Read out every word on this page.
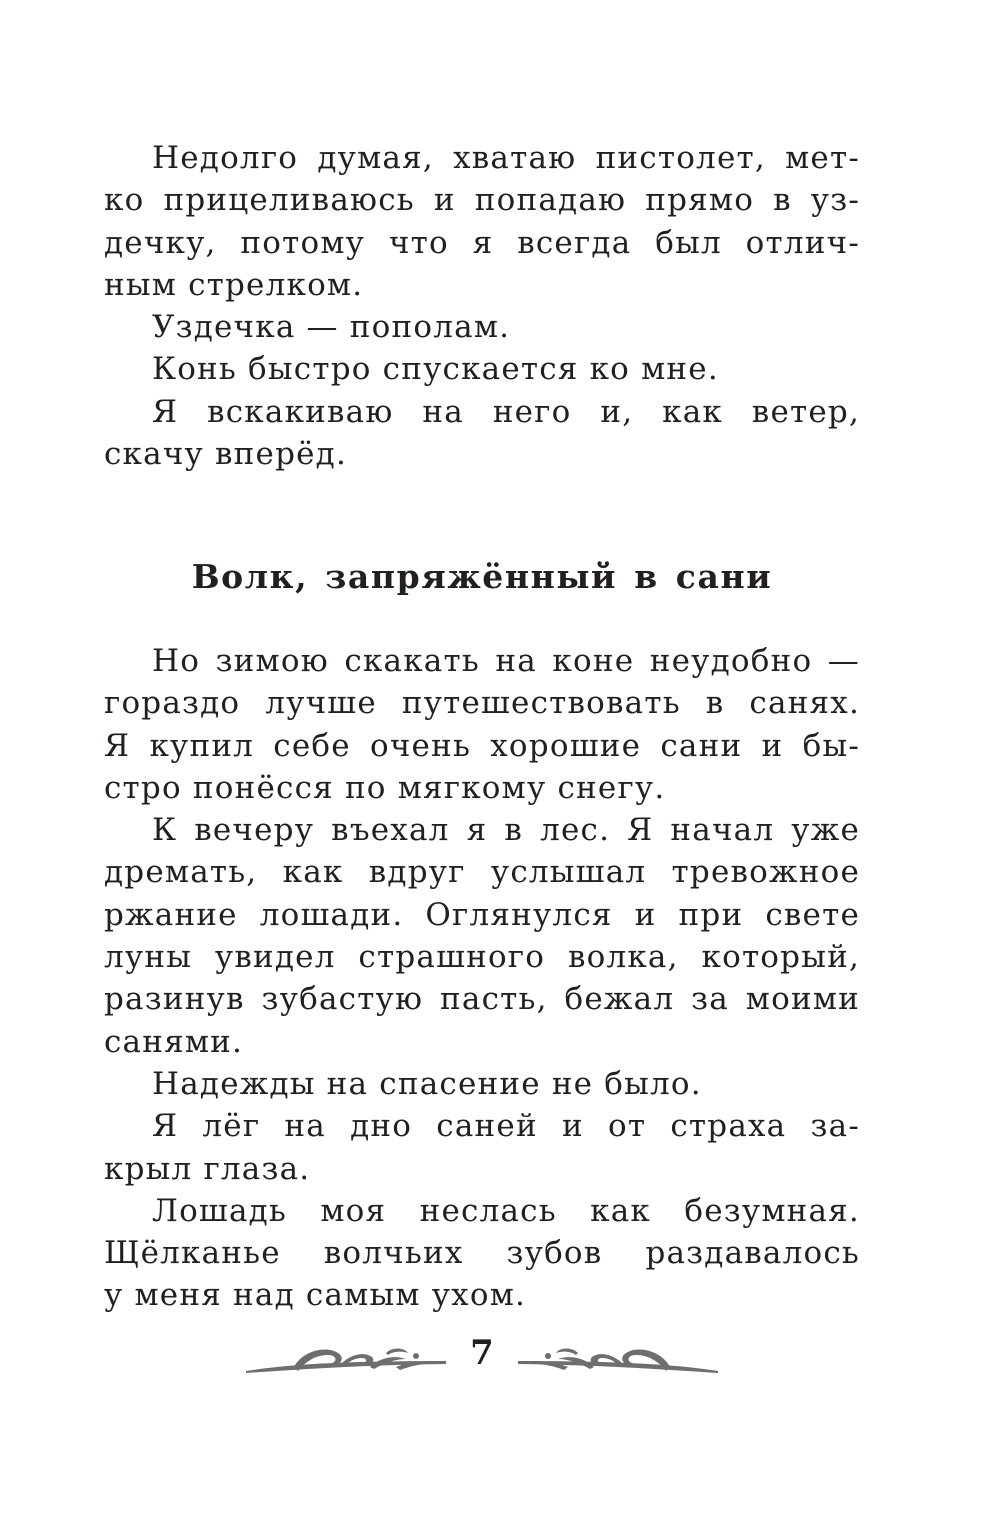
Недолго думая, хватаю пистолет, мет-
ко прицеливаюсь и попадаю прямо в уз-
дечку, потому что я всегда был отлич-
ным стрелком.
Уздечка — пополам.
Конь быстро спускается ко мне.
Я вскакиваю на него и, как ветер,
скачу вперёд.
Волк, запряжённый в сани
Но зимою скакать на коне неудобно —
гораздо лучше путешествовать в санях.
Я купил себе очень хорошие сани и бы-
стро понёсся по мягкому снегу.
К вечеру въехал я в лес. Я начал уже
дремать, как вдруг услышал тревожное
ржание лошади. Оглянулся и при свете
луны увидел страшного волка, который,
разинув зубастую пасть, бежал за моими
санями.
Надежды на спасение не было.
Я лёг на дно саней и от страха за-
крыл глаза.
Лошадь моя неслась как безумная.
Щёлканье волчьих зубов раздавалось
у меня над самым ухом.
7
